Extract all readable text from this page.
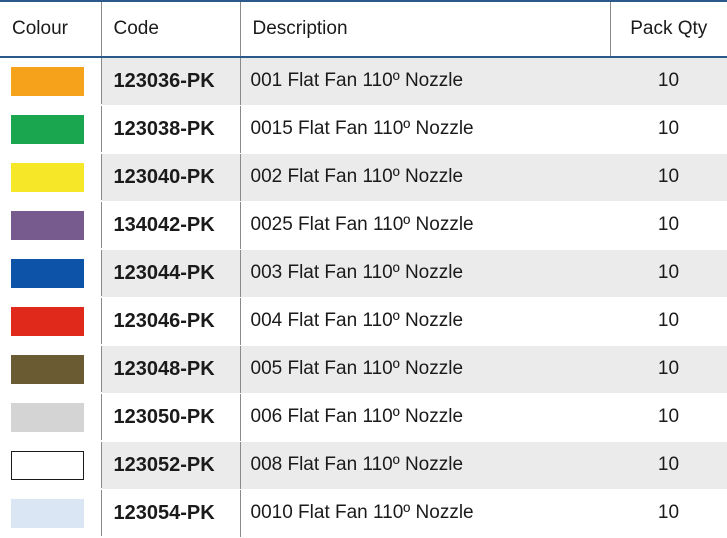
Colour	Code	Description	Pack Qty

	123036-PK	001 Flat Fan 110º Nozzle	10

	123038-PK	0015 Flat Fan 110º Nozzle	10

	123040-PK	002 Flat Fan 110º Nozzle	10

	134042-PK	0025 Flat Fan 110º Nozzle	10

	123044-PK	003 Flat Fan 110º Nozzle	10

	123046-PK	004 Flat Fan 110º Nozzle	10

	123048-PK	005 Flat Fan 110º Nozzle	10

	123050-PK	006 Flat Fan 110º Nozzle	10

	123052-PK	008 Flat Fan 110º Nozzle	10

	123054-PK	0010 Flat Fan 110º Nozzle	10
